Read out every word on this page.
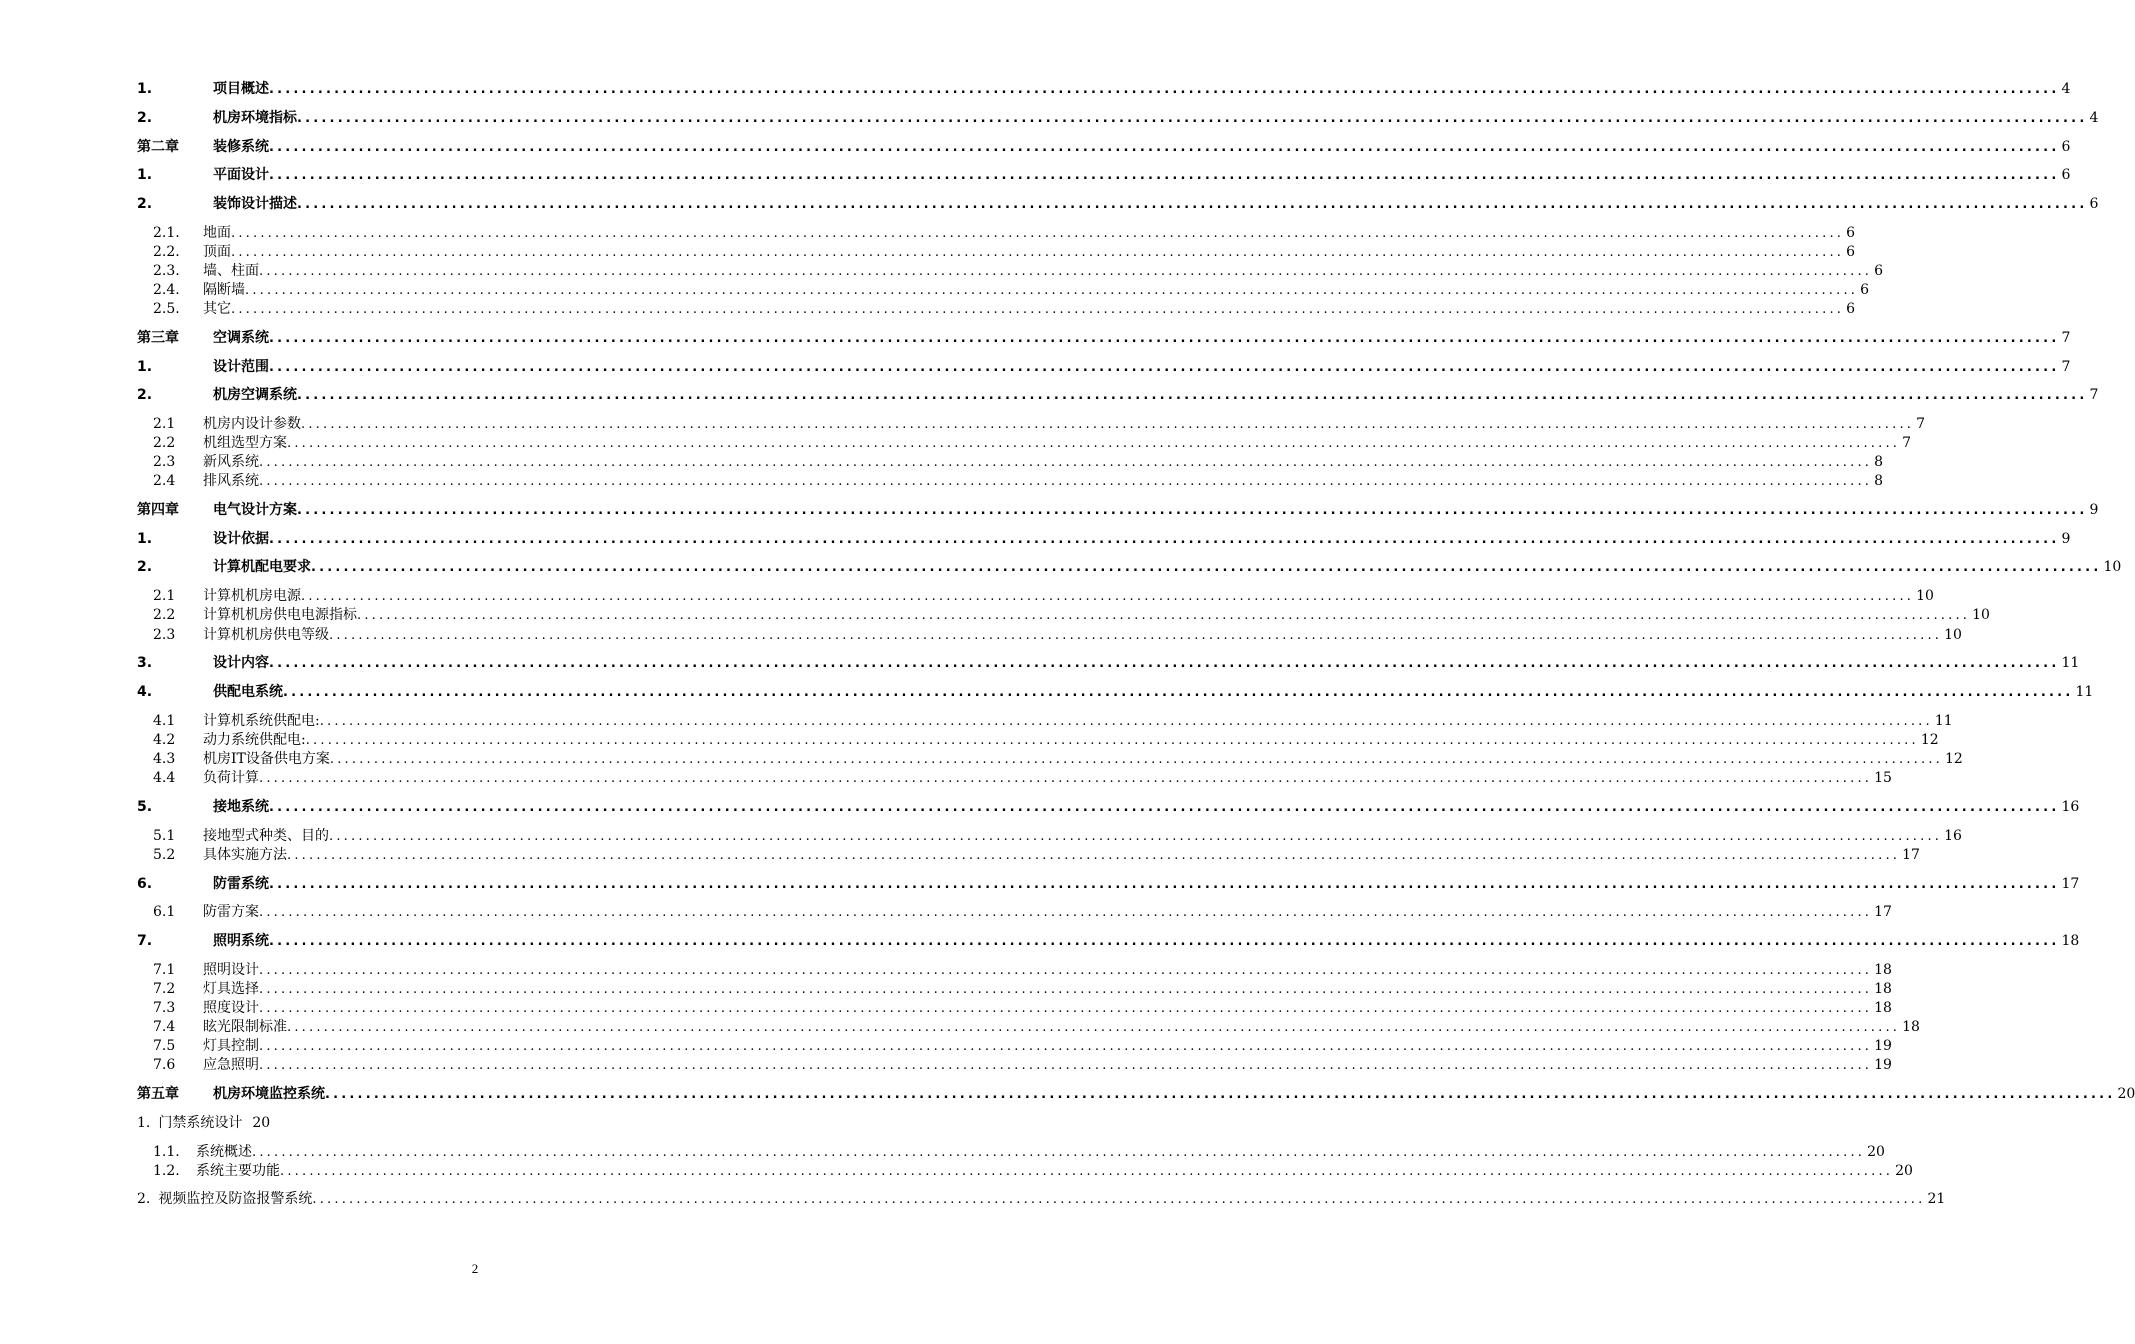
1.	项目概述 ............................................................................................................................................................................................................................ 4
2.	机房环境指标 ............................................................................................................................................................................................................................ 4
第二章 装修系统 ............................................................................................................................................................................................................................ 6
1.	平面设计 ............................................................................................................................................................................................................................ 6
2.	装饰设计描述 ............................................................................................................................................................................................................................ 6
2.1. 地面 ............................................................................................................................................................................................................................ 6
2.2. 顶面 ............................................................................................................................................................................................................................ 6
2.3. 墙、柱面 ............................................................................................................................................................................................................................ 6
2.4. 隔断墙 ............................................................................................................................................................................................................................ 6
2.5. 其它 ............................................................................................................................................................................................................................ 6
第三章 空调系统 ............................................................................................................................................................................................................................ 7
1.	设计范围 ............................................................................................................................................................................................................................ 7
2.	机房空调系统 ............................................................................................................................................................................................................................ 7
2.1 机房内设计参数 ............................................................................................................................................................................................................................ 7
2.2 机组选型方案 ............................................................................................................................................................................................................................ 7
2.3 新风系统 ............................................................................................................................................................................................................................ 8
2.4 排风系统 ............................................................................................................................................................................................................................ 8
第四章 电气设计方案 ............................................................................................................................................................................................................................ 9
1.	设计依据 ............................................................................................................................................................................................................................ 9
2.	计算机配电要求 ............................................................................................................................................................................................................................ 10
2.1 计算机机房电源 ............................................................................................................................................................................................................................ 10
2.2 计算机机房供电电源指标 ............................................................................................................................................................................................................................ 10
2.3 计算机机房供电等级 ............................................................................................................................................................................................................................ 10
3.	设计内容 ............................................................................................................................................................................................................................ 11
4.	供配电系统 ............................................................................................................................................................................................................................ 11
4.1 计算机系统供配电: ............................................................................................................................................................................................................................ 11
4.2 动力系统供配电: ............................................................................................................................................................................................................................ 12
4.3 机房IT设备供电方案 ............................................................................................................................................................................................................................ 12
4.4 负荷计算 ............................................................................................................................................................................................................................ 15
5.	接地系统 ............................................................................................................................................................................................................................ 16
5.1 接地型式种类、目的 ............................................................................................................................................................................................................................ 16
5.2 具体实施方法 ............................................................................................................................................................................................................................ 17
6.	防雷系统 ............................................................................................................................................................................................................................ 17
6.1 防雷方案 ............................................................................................................................................................................................................................ 17
7.	照明系统 ............................................................................................................................................................................................................................ 18
7.1 照明设计 ............................................................................................................................................................................................................................ 18
7.2 灯具选择 ............................................................................................................................................................................................................................ 18
7.3 照度设计 ............................................................................................................................................................................................................................ 18
7.4 眩光限制标准 ............................................................................................................................................................................................................................ 18
7.5 灯具控制 ............................................................................................................................................................................................................................ 19
7.6 应急照明 ............................................................................................................................................................................................................................ 19
第五章 机房环境监控系统 ............................................................................................................................................................................................................................ 20
1. 门禁系统设计 20
1.1. 系统概述 ............................................................................................................................................................................................................................ 20
1.2. 系统主要功能 ............................................................................................................................................................................................................................ 20
2. 视频监控及防盗报警系统 ............................................................................................................................................................................................................................ 21
2
